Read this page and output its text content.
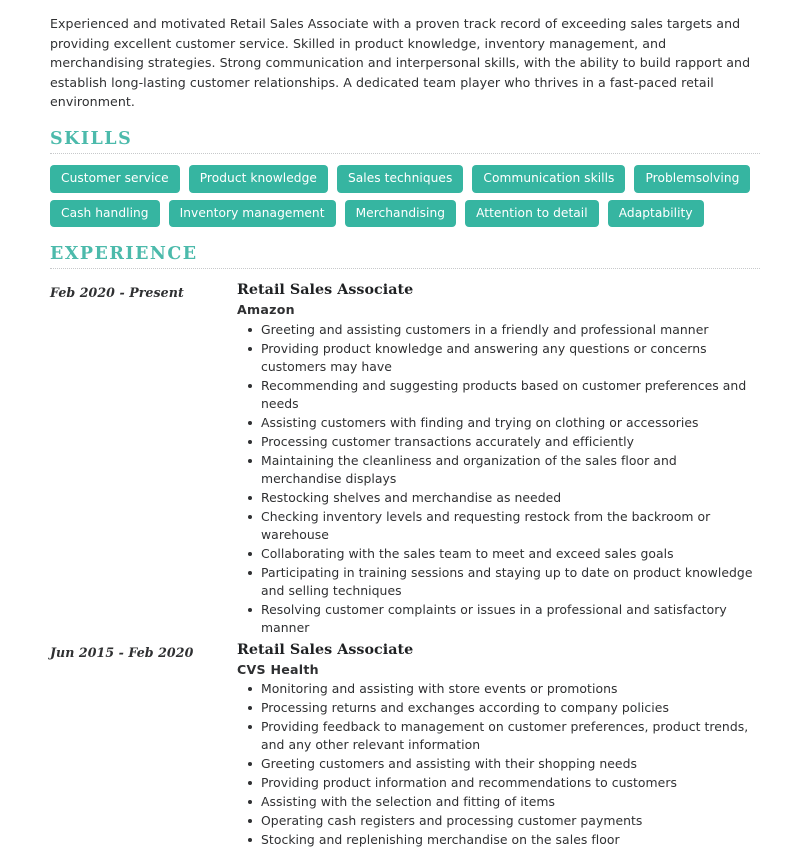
Experienced and motivated Retail Sales Associate with a proven track record of exceeding sales targets and providing excellent customer service. Skilled in product knowledge, inventory management, and merchandising strategies. Strong communication and interpersonal skills, with the ability to build rapport and establish long-lasting customer relationships. A dedicated team player who thrives in a fast-paced retail environment.

SKILLS
Customer service	Product knowledge	Sales techniques	Communication skills	Problemsolving
Cash handling	Inventory management	Merchandising	Attention to detail	Adaptability
EXPERIENCE
Feb 2020 - Present	Retail Sales Associate
Amazon
Greeting and assisting customers in a friendly and professional manner
Providing product knowledge and answering any questions or concerns customers may have
Recommending and suggesting products based on customer preferences and needs
Assisting customers with finding and trying on clothing or accessories
Processing customer transactions accurately and efficiently
Maintaining the cleanliness and organization of the sales floor and merchandise displays
Restocking shelves and merchandise as needed
Checking inventory levels and requesting restock from the backroom or warehouse
Collaborating with the sales team to meet and exceed sales goals
Participating in training sessions and staying up to date on product knowledge and selling techniques
Resolving customer complaints or issues in a professional and satisfactory manner
Jun 2015 - Feb 2020	Retail Sales Associate
CVS Health
Monitoring and assisting with store events or promotions
Processing returns and exchanges according to company policies
Providing feedback to management on customer preferences, product trends, and any other relevant information
Greeting customers and assisting with their shopping needs
Providing product information and recommendations to customers
Assisting with the selection and fitting of items
Operating cash registers and processing customer payments
Stocking and replenishing merchandise on the sales floor
